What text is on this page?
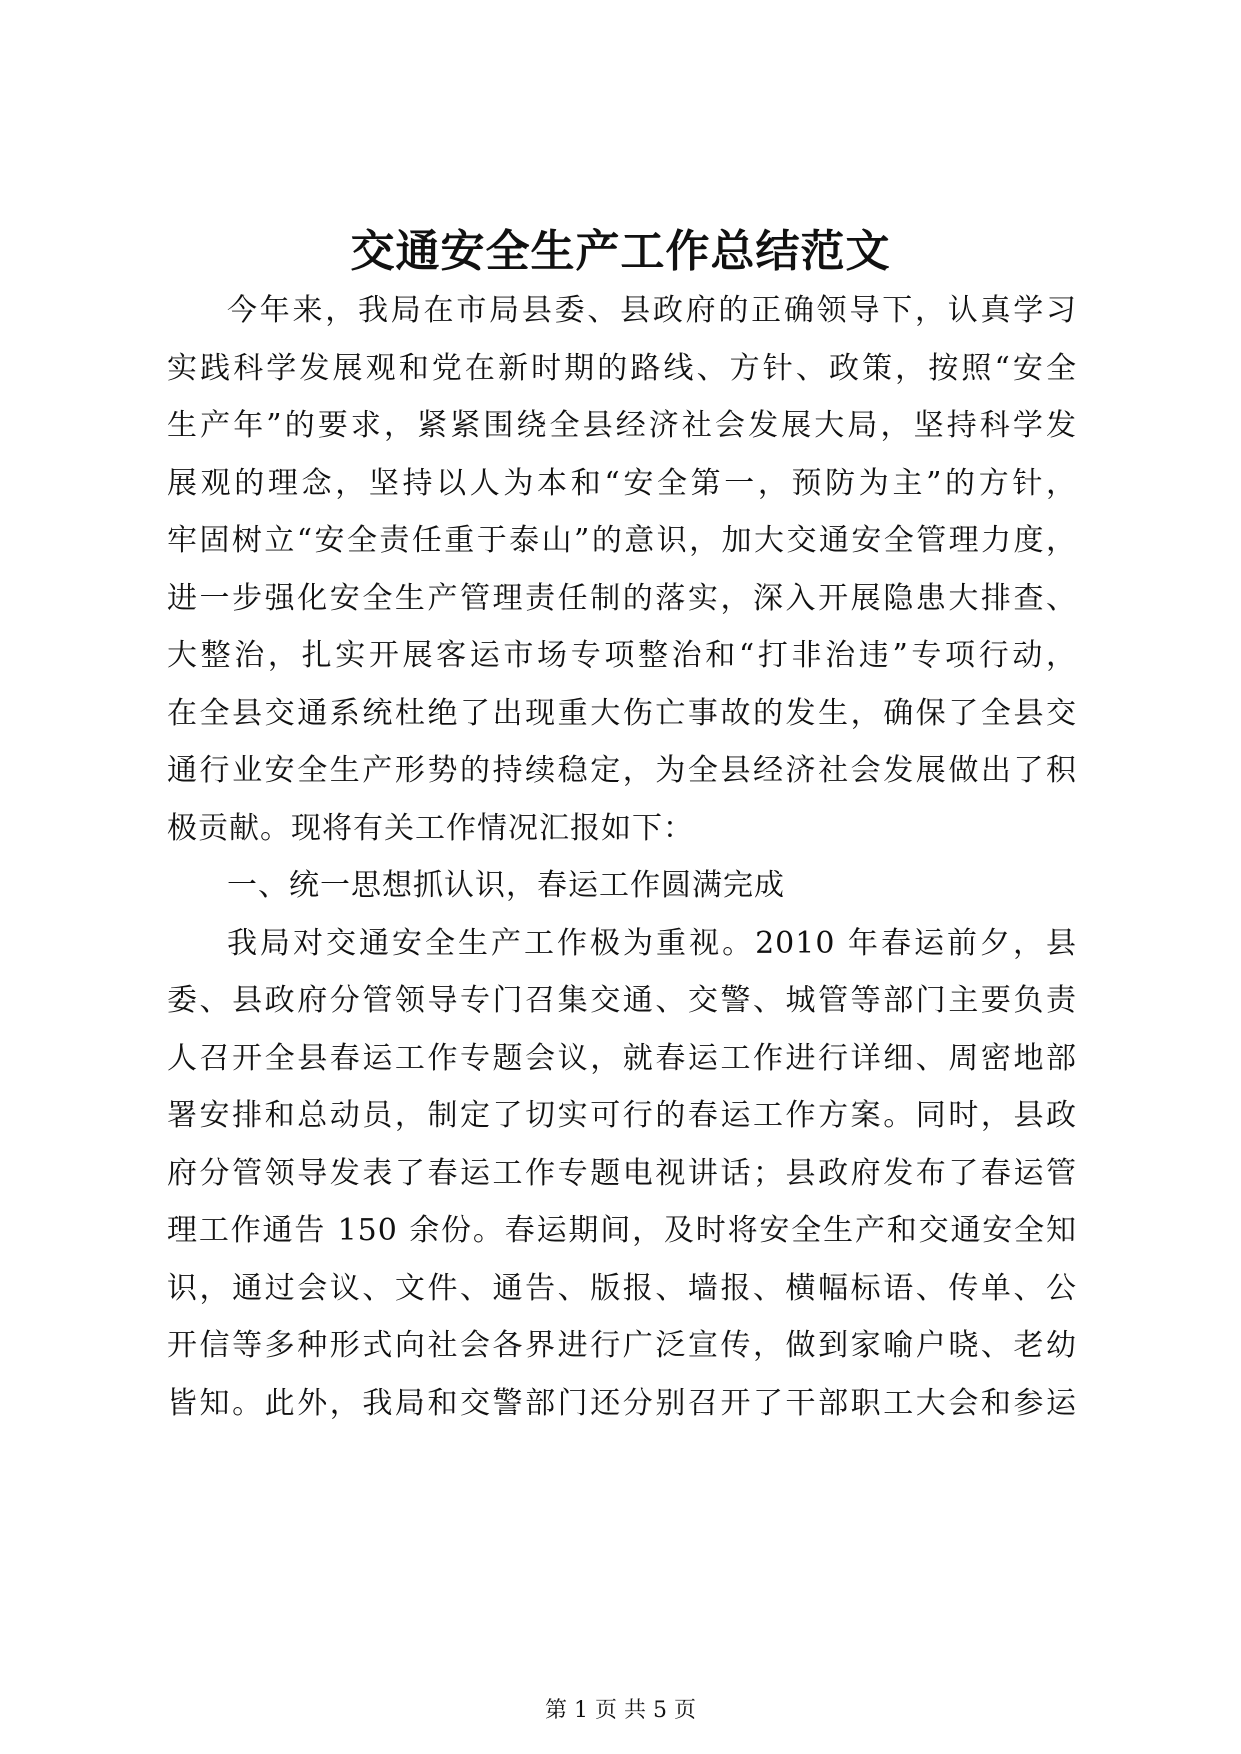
交通安全生产工作总结范文
今年来，我局在市局县委、县政府的正确领导下，认真学习
实践科学发展观和党在新时期的路线、方针、政策，按照“安全
生产年”的要求，紧紧围绕全县经济社会发展大局，坚持科学发
展观的理念，坚持以人为本和“安全第一，预防为主”的方针，
牢固树立“安全责任重于泰山”的意识，加大交通安全管理力度，
进一步强化安全生产管理责任制的落实，深入开展隐患大排查、
大整治，扎实开展客运市场专项整治和“打非治违”专项行动，
在全县交通系统杜绝了出现重大伤亡事故的发生，确保了全县交
通行业安全生产形势的持续稳定，为全县经济社会发展做出了积
极贡献。现将有关工作情况汇报如下：
一、统一思想抓认识，春运工作圆满完成
我局对交通安全生产工作极为重视。2010 年春运前夕，县
委、县政府分管领导专门召集交通、交警、城管等部门主要负责
人召开全县春运工作专题会议，就春运工作进行详细、周密地部
署安排和总动员，制定了切实可行的春运工作方案。同时，县政
府分管领导发表了春运工作专题电视讲话；县政府发布了春运管
理工作通告 150 余份。春运期间，及时将安全生产和交通安全知
识，通过会议、文件、通告、版报、墙报、横幅标语、传单、公
开信等多种形式向社会各界进行广泛宣传，做到家喻户晓、老幼
皆知。此外，我局和交警部门还分别召开了干部职工大会和参运
第 1 页 共 5 页
